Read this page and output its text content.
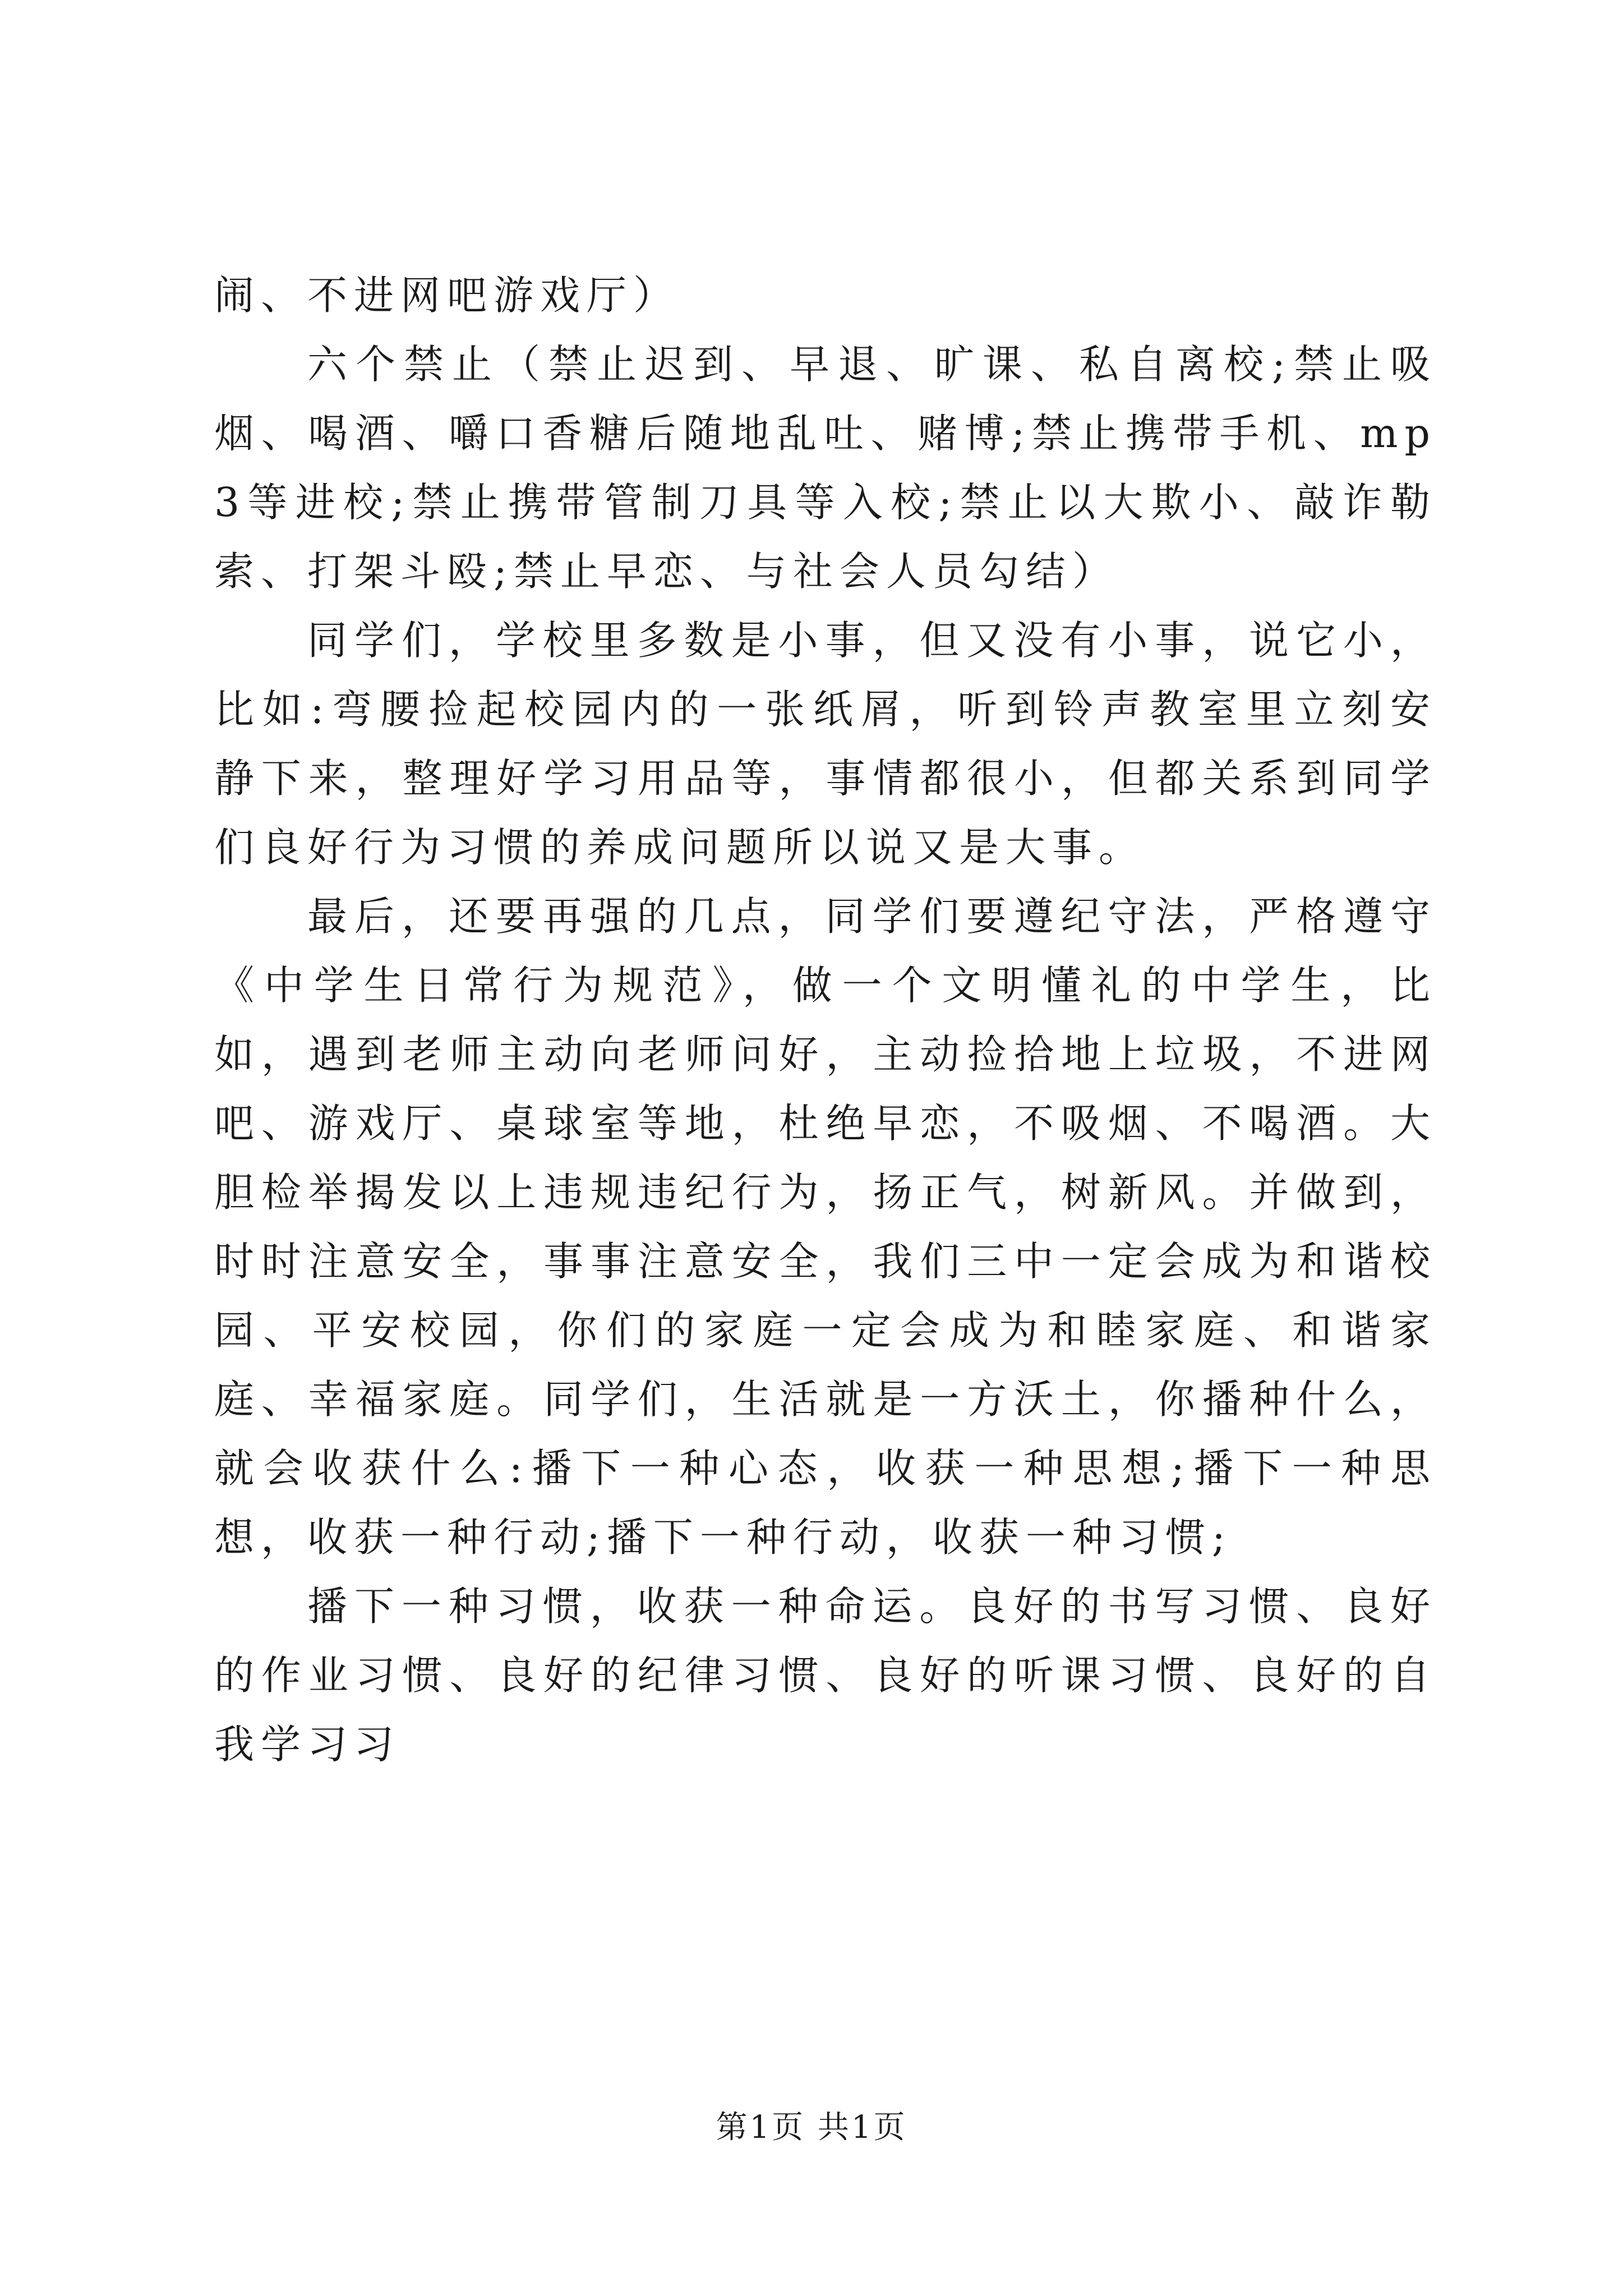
闹、不进网吧游戏厅）

六个禁止（禁止迟到、早退、旷课、私自离校;禁止吸烟、喝酒、嚼口香糖后随地乱吐、赌博;禁止携带手机、mp3等进校;禁止携带管制刀具等入校;禁止以大欺小、敲诈勒索、打架斗殴;禁止早恋、与社会人员勾结）

同学们，学校里多数是小事，但又没有小事，说它小，比如:弯腰捡起校园内的一张纸屑，听到铃声教室里立刻安静下来，整理好学习用品等，事情都很小，但都关系到同学们良好行为习惯的养成问题所以说又是大事。

最后，还要再强的几点，同学们要遵纪守法，严格遵守《中学生日常行为规范》，做一个文明懂礼的中学生，比如，遇到老师主动向老师问好，主动捡拾地上垃圾，不进网吧、游戏厅、桌球室等地，杜绝早恋，不吸烟、不喝酒。大胆检举揭发以上违规违纪行为，扬正气，树新风。并做到，时时注意安全，事事注意安全，我们三中一定会成为和谐校园、平安校园，你们的家庭一定会成为和睦家庭、和谐家庭、幸福家庭。同学们，生活就是一方沃土，你播种什么，就会收获什么:播下一种心态，收获一种思想;播下一种思想，收获一种行动;播下一种行动，收获一种习惯;

播下一种习惯，收获一种命运。良好的书写习惯、良好的作业习惯、良好的纪律习惯、良好的听课习惯、良好的自我学习习

第1页 共1页
